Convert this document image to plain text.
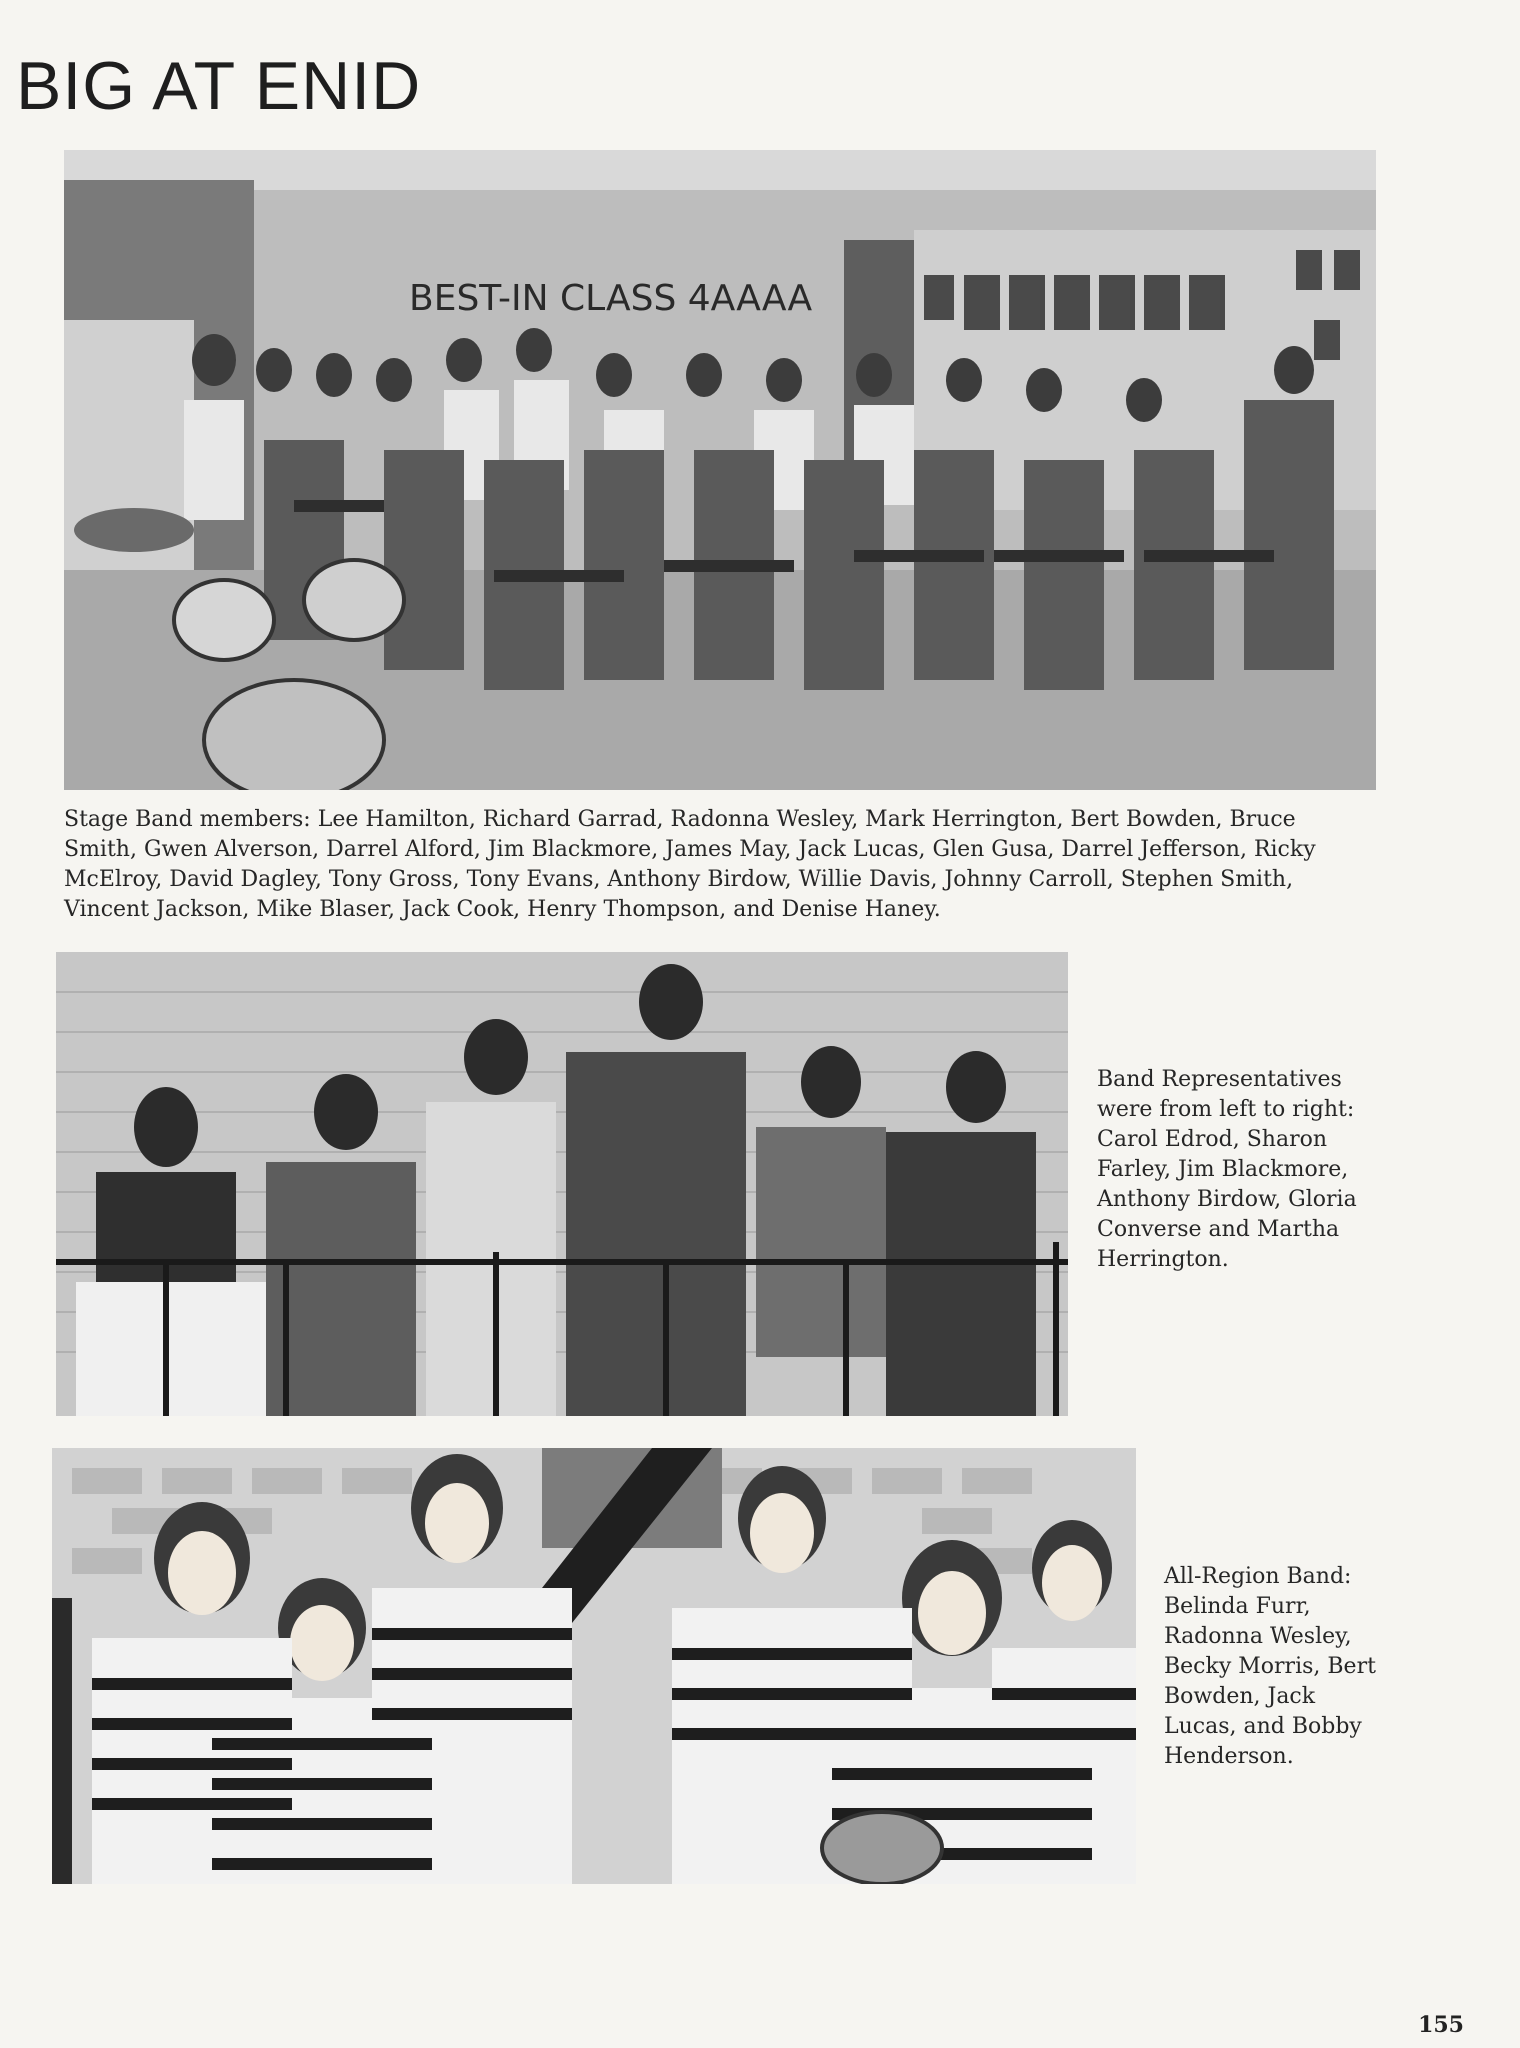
BIG AT ENID
BEST-IN CLASS 4AAAA

Stage Band members: Lee Hamilton, Richard Garrad, Radonna Wesley, Mark Herrington, Bert Bowden, Bruce Smith, Gwen Alverson, Darrel Alford, Jim Blackmore, James May, Jack Lucas, Glen Gusa, Darrel Jefferson, Ricky McElroy, David Dagley, Tony Gross, Tony Evans, Anthony Birdow, Willie Davis, Johnny Carroll, Stephen Smith, Vincent Jackson, Mike Blaser, Jack Cook, Henry Thompson, and Denise Haney.

Band Representatives were from left to right: Carol Edrod, Sharon Farley, Jim Blackmore, Anthony Birdow, Gloria Converse and Martha Herrington.

All-Region Band: Belinda Furr, Radonna Wesley, Becky Morris, Bert Bowden, Jack Lucas, and Bobby Henderson.

155
